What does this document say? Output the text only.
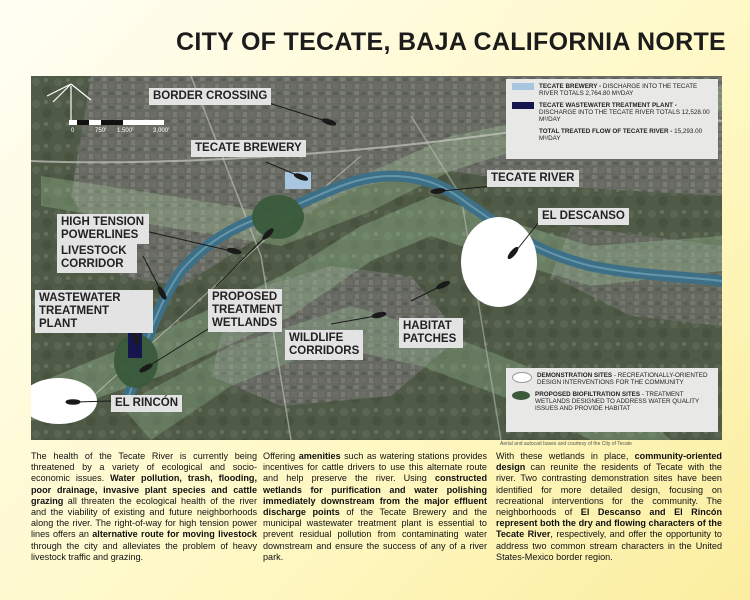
CITY OF TECATE, BAJA CALIFORNIA NORTE
0	750' 1,500'	3,000'
BORDER CROSSING
TECATE BREWERY
TECATE RIVER
EL DESCANSO
HIGH TENSION POWERLINES
LIVESTOCK CORRIDOR
WASTEWATER TREATMENT PLANT
PROPOSED TREATMENT WETLANDS
WILDLIFE CORRIDORS
HABITAT PATCHES
EL RINCÓN
TECATE BREWERY - DISCHARGE INTO THE TECATE RIVER TOTALS 2,764.80 M³/DAY
TECATE WASTEWATER TREATMENT PLANT - DISCHARGE INTO THE TECATE RIVER TOTALS 12,528.00 M³/DAY
TOTAL TREATED FLOW OF TECATE RIVER - 15,293.00 M³/DAY
DEMONSTRATION SITES - RECREATIONALLY-ORIENTED DESIGN INTERVENTIONS FOR THE COMMUNITY
PROPOSED BIOFILTRATION SITES - TREATMENT WETLANDS DESIGNED TO ADDRESS WATER QUALITY ISSUES AND PROVIDE HABITAT
Aerial and autocad bases and courtesy of the City of Tecate
The health of the Tecate River is currently being threatened by a variety of ecological and socio-economic issues. Water pollution, trash, flooding, poor drainage, invasive plant species and cattle grazing all threaten the ecological health of the river and the viability of existing and future neighborhoods along the river. The right-of-way for high tension power lines offers an alternative route for moving livestock through the city and alleviates the problem of heavy livestock traffic and grazing.
Offering amenities such as watering stations provides incentives for cattle drivers to use this alternate route and help preserve the river. Using constructed wetlands for purification and water polishing immediately downstream from the major effluent discharge points of the Tecate Brewery and the municipal wastewater treatment plant is essential to prevent residual pollution from contaminating water downstream and ensure the success of any of a river park.
With these wetlands in place, community-oriented design can reunite the residents of Tecate with the river. Two contrasting demonstration sites have been identified for more detailed design, focusing on recreational interventions for the community. The neighborhoods of El Descanso and El Rincón represent both the dry and flowing characters of the Tecate River, respectively, and offer the opportunity to address two common stream characters in the United States-Mexico border region.
